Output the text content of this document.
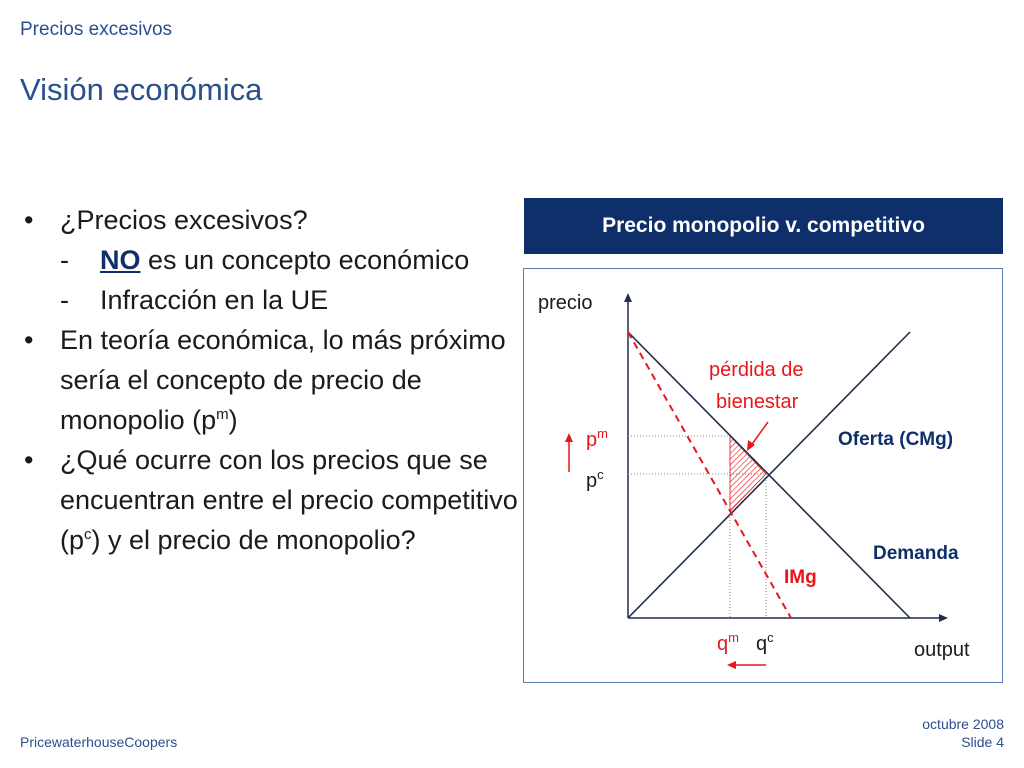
Precios excesivos
Visión económica
• ¿Precios excesivos?
- NO es un concepto económico
- Infracción en la UE
• En teoría económica, lo más próximo sería el concepto de precio de monopolio $(p^m)$
• ¿Qué ocurre con los precios que se encuentran entre el precio competitivo $(p^c)$ y el precio de monopolio?
Precio monopolio v. competitivo
precio
output
pérdida de
bienestar
Oferta (CMg)
Demanda
IMg
$p^m$
$p^c$
$q^m$ $q^c$
PricewaterhouseCoopers
octubre 2008
Slide 4
